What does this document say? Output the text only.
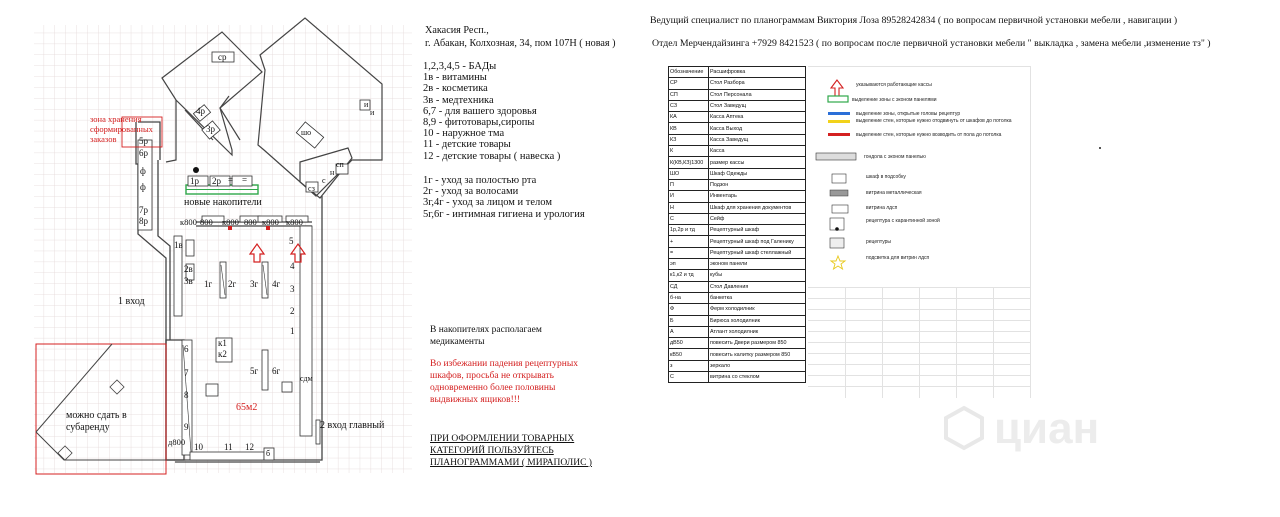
зона хранения сформированных заказов
новые накопители
1 вход
2 вход главный
можно сдать в субаренду
65м2
ср
4р
3р
и
и
шо
сп
н
с
сз
5р
6р
ф
ф
7р
8р
1р 2р = =
к800 800 к800 800 к800 к800
1в
2в
3в 1г 2г 3г 4г
к1
к2
5г 6г
сдм
1
2
3
4
5
6
7
8
9
10 11 12
д800
б
Хакасия Респ.,
г. Абакан, Колхозная, 34, пом 107Н ( новая )
1,2,3,4,5 - БАДы
1в - витамины
2в - косметика
3в - медтехника
6,7 - для вашего здоровья
8,9 - фитотовары,сиропы
10 - наружное тма
11 - детские товары
12 - детские товары ( навеска )
1г - уход за полостью рта
2г - уход за волосами
3г,4г - уход за лицом и телом
5г,6г - интимная гигиена и урология
В накопителях располагаем медикаменты
Во избежании падения рецептурных шкафов, просьба не открывать одновременно более половины выдвижных ящиков!!!
ПРИ ОФОРМЛЕНИИ ТОВАРНЫХ КАТЕГОРИЙ ПОЛЬЗУЙТЕСЬ ПЛАНОГРАММАМИ ( МИРАПОЛИС )
Ведущий специалист по планограммам Виктория Лоза 89528242834 ( по вопросам первичной установки мебели , навигации )
Отдел Мерчендайзинга +7929 8421523 ( по вопросам после первичной установки мебели " выкладка , замена мебели ,изменение тз" )
Обозначение	Расшифровка
СР	Стол Разбора
СП	Стол Персонала
СЗ	Стол Заведущ
КА	Касса Аптека
КВ	Касса Выход
КЗ	Касса Заведущ
К	Касса
К(КВ,КЗ)1300	размер кассы
ШО	Шкаф Одежды
П	Подзон
И	Инвентарь
Н	Шкаф для хранения документов
С	Сейф
1р,2р и тд	Рецептурный шкаф
+	Рецептурный шкаф под Галенику
=	Рецептурный шкаф стеллажный
эп	эконом панели
к1,к2 и тд	кубы
СД	Стол Давления
б-на	банкетка
Ф	Ферм холодилник
Б	Бирюса холодилник
А	Атлант холодилник
дВ50	повесить Двери размером 850
кВ50	повесить калитку размером 850
з	зеркало
С	витрина со стеклом
указываются работающие кассы
выделение зоны с эконом панелями
выделение зоны, открытые головы рецептур
выделение стен, которые нужно отодвинуть от шкафов до потолка
выделение стен, которые нужно возводить от пола до потолка
гондола с эконом панелью
шкаф в подсобку
витрина металлическая
витрина лдсп
рецептура с карантинной зоной
рецептуры
подсветка для витрин лдсп
циан
